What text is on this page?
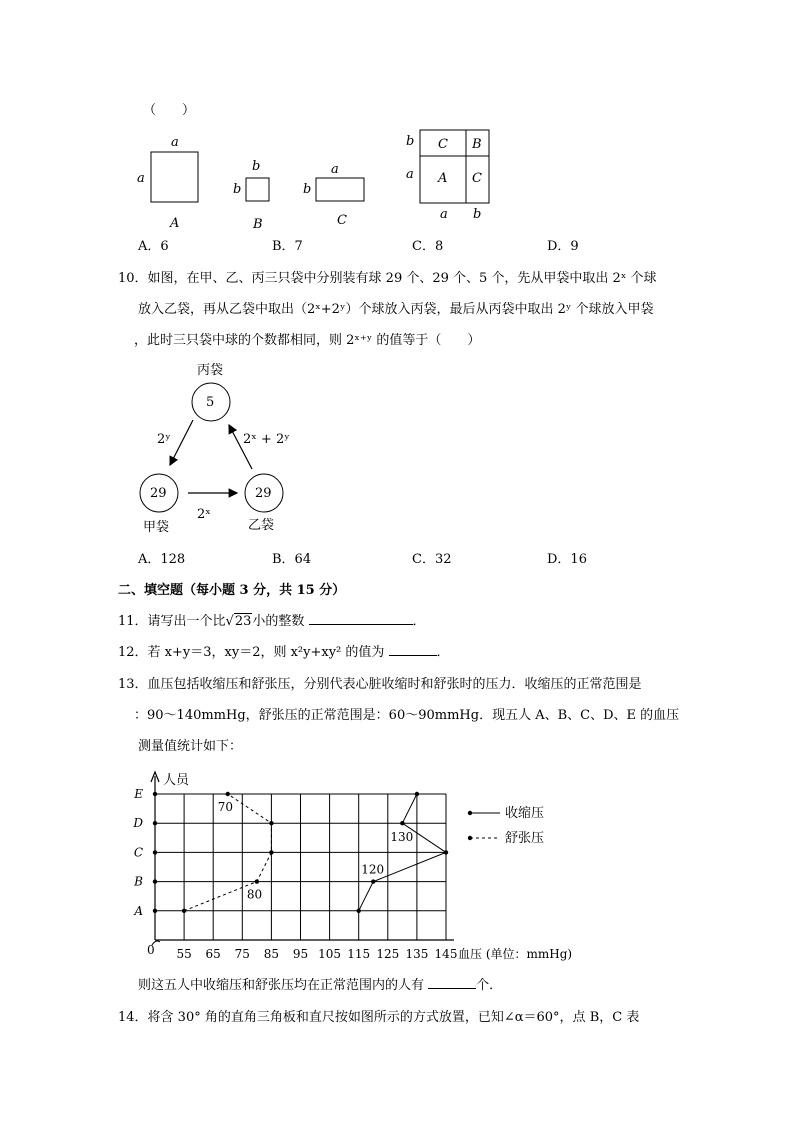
（　　）
a
a
A
b
b
B
a
b
C
b
a
C B
A C
a b
A．6	B．7	C．8	D．9
10．如图，在甲、乙、丙三只袋中分别装有球 29 个、29 个、5 个，先从甲袋中取出 2ˣ 个球
放入乙袋，再从乙袋中取出（2ˣ+2ʸ）个球放入丙袋，最后从丙袋中取出 2ʸ 个球放入甲袋
，此时三只袋中球的个数都相同，则 2ˣ⁺ʸ 的值等于（　　）
丙袋
5
29	29
甲袋	乙袋
2ʸ	2ˣ + 2ʸ
2ˣ
A．128	B．64	C．32	D．16
二、填空题（每小题 3 分，共 15 分）
11．请写出一个比√23小的整数	．
12．若 x+y＝3，xy＝2，则 x²y+xy² 的值为	．
13．血压包括收缩压和舒张压，分别代表心脏收缩时和舒张时的压力．收缩压的正常范围是
：90～140mmHg，舒张压的正常范围是：60～90mmHg．现五人 A、B、C、D、E 的血压
测量值统计如下：
人员
0	血压 (单位：mmHg)
55 65 75 85 95 105 115 125 135 145
A
B
C
D
E
70
80
120
130
收缩压
舒张压
则这五人中收缩压和舒张压均在正常范围内的人有	个．
14．将含 30° 角的直角三角板和直尺按如图所示的方式放置，已知∠α＝60°，点 B，C 表
